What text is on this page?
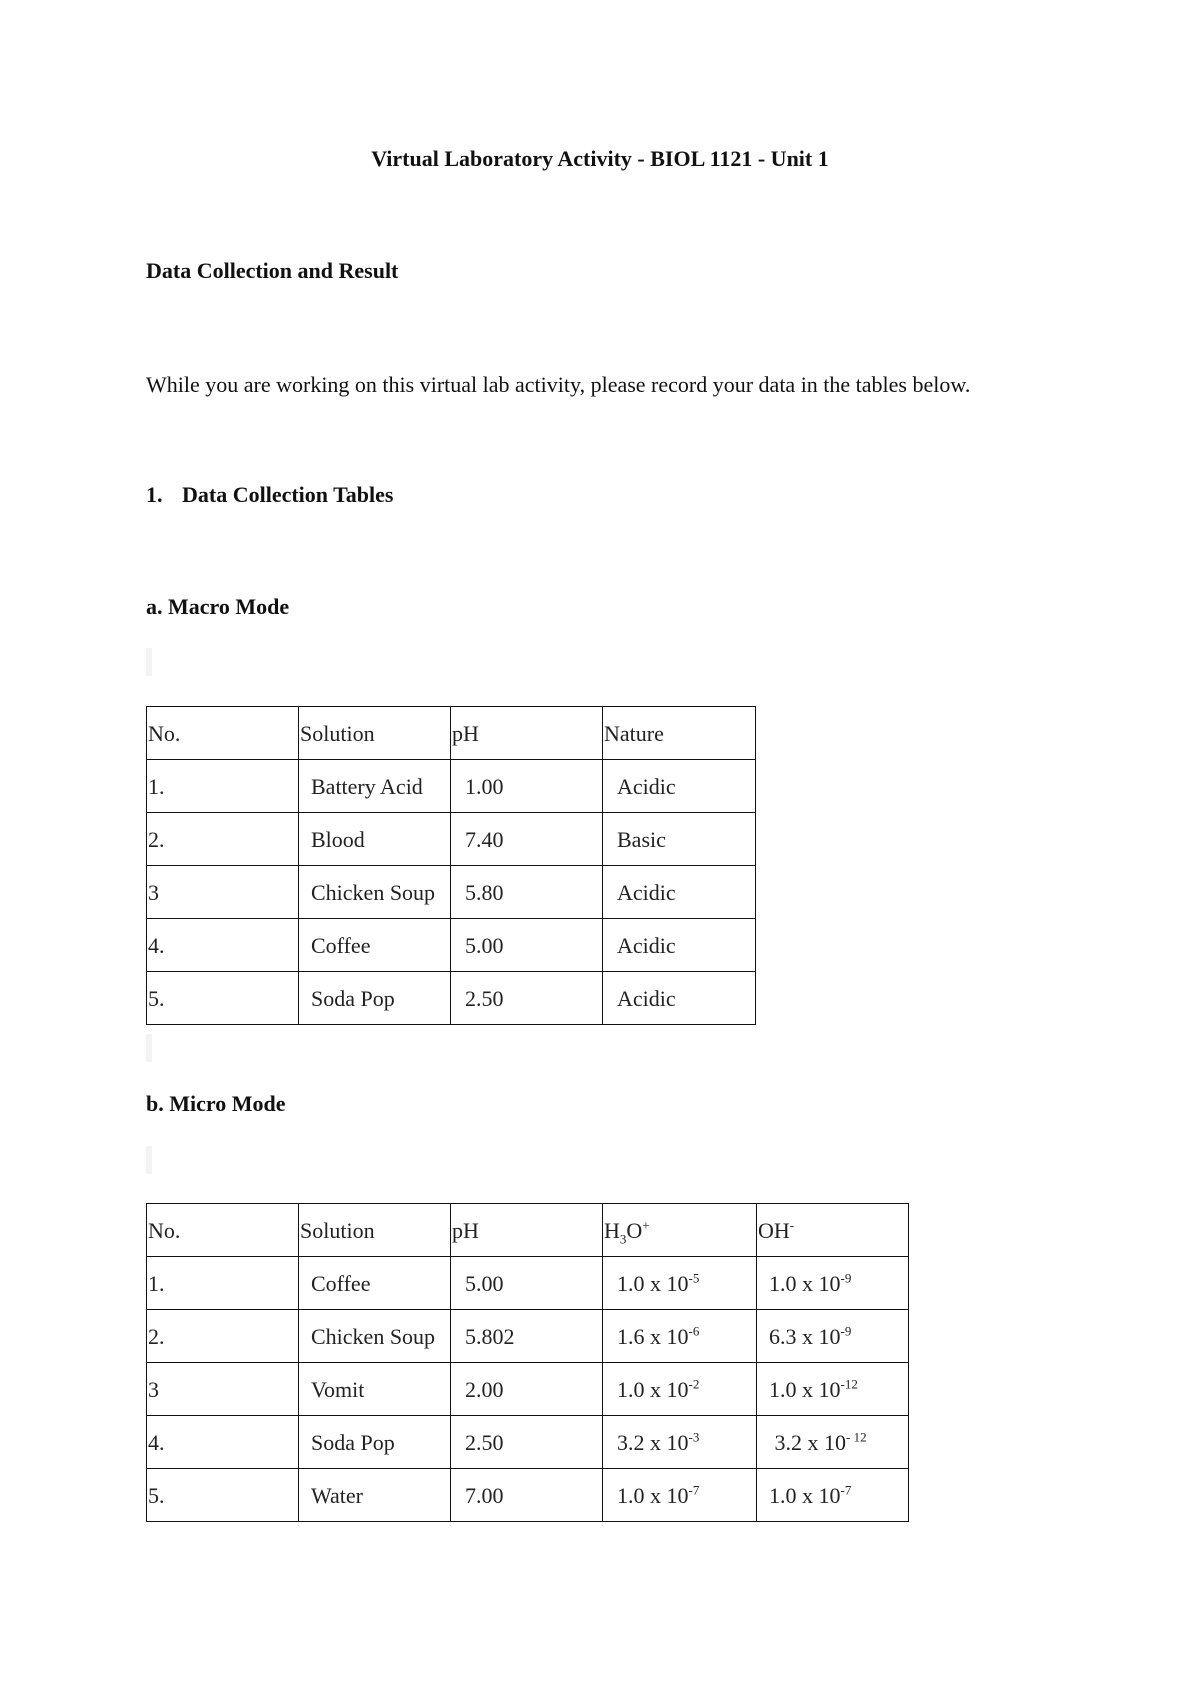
Virtual Laboratory Activity - BIOL 1121 - Unit 1
Data Collection and Result
While you are working on this virtual lab activity, please record your data in the tables below.
1. Data Collection Tables
a. Macro Mode
No.	Solution	pH	Nature

1.	Battery Acid	1.00	Acidic

2.	Blood	7.40	Basic

3	Chicken Soup	5.80	Acidic

4.	Coffee	5.00	Acidic

5.	Soda Pop	2.50	Acidic
b. Micro Mode
No.	Solution	pH	$H_3O^+$	OH-

1.	Coffee	5.00	1.0 x $10^{-5}$	1.0 x $10^{-9}$

2.	Chicken Soup	5.802	1.6 x $10^{-6}$	6.3 x $10^{-9}$

3	Vomit	2.00	1.0 x $10^{-2}$	1.0 x $10^{-12}$

4.	Soda Pop	2.50	3.2 x $10^{-3}$	3.2 x $10^{- 12}$

5.	Water	7.00	1.0 x $10^{-7}$	1.0 x $10^{-7}$
